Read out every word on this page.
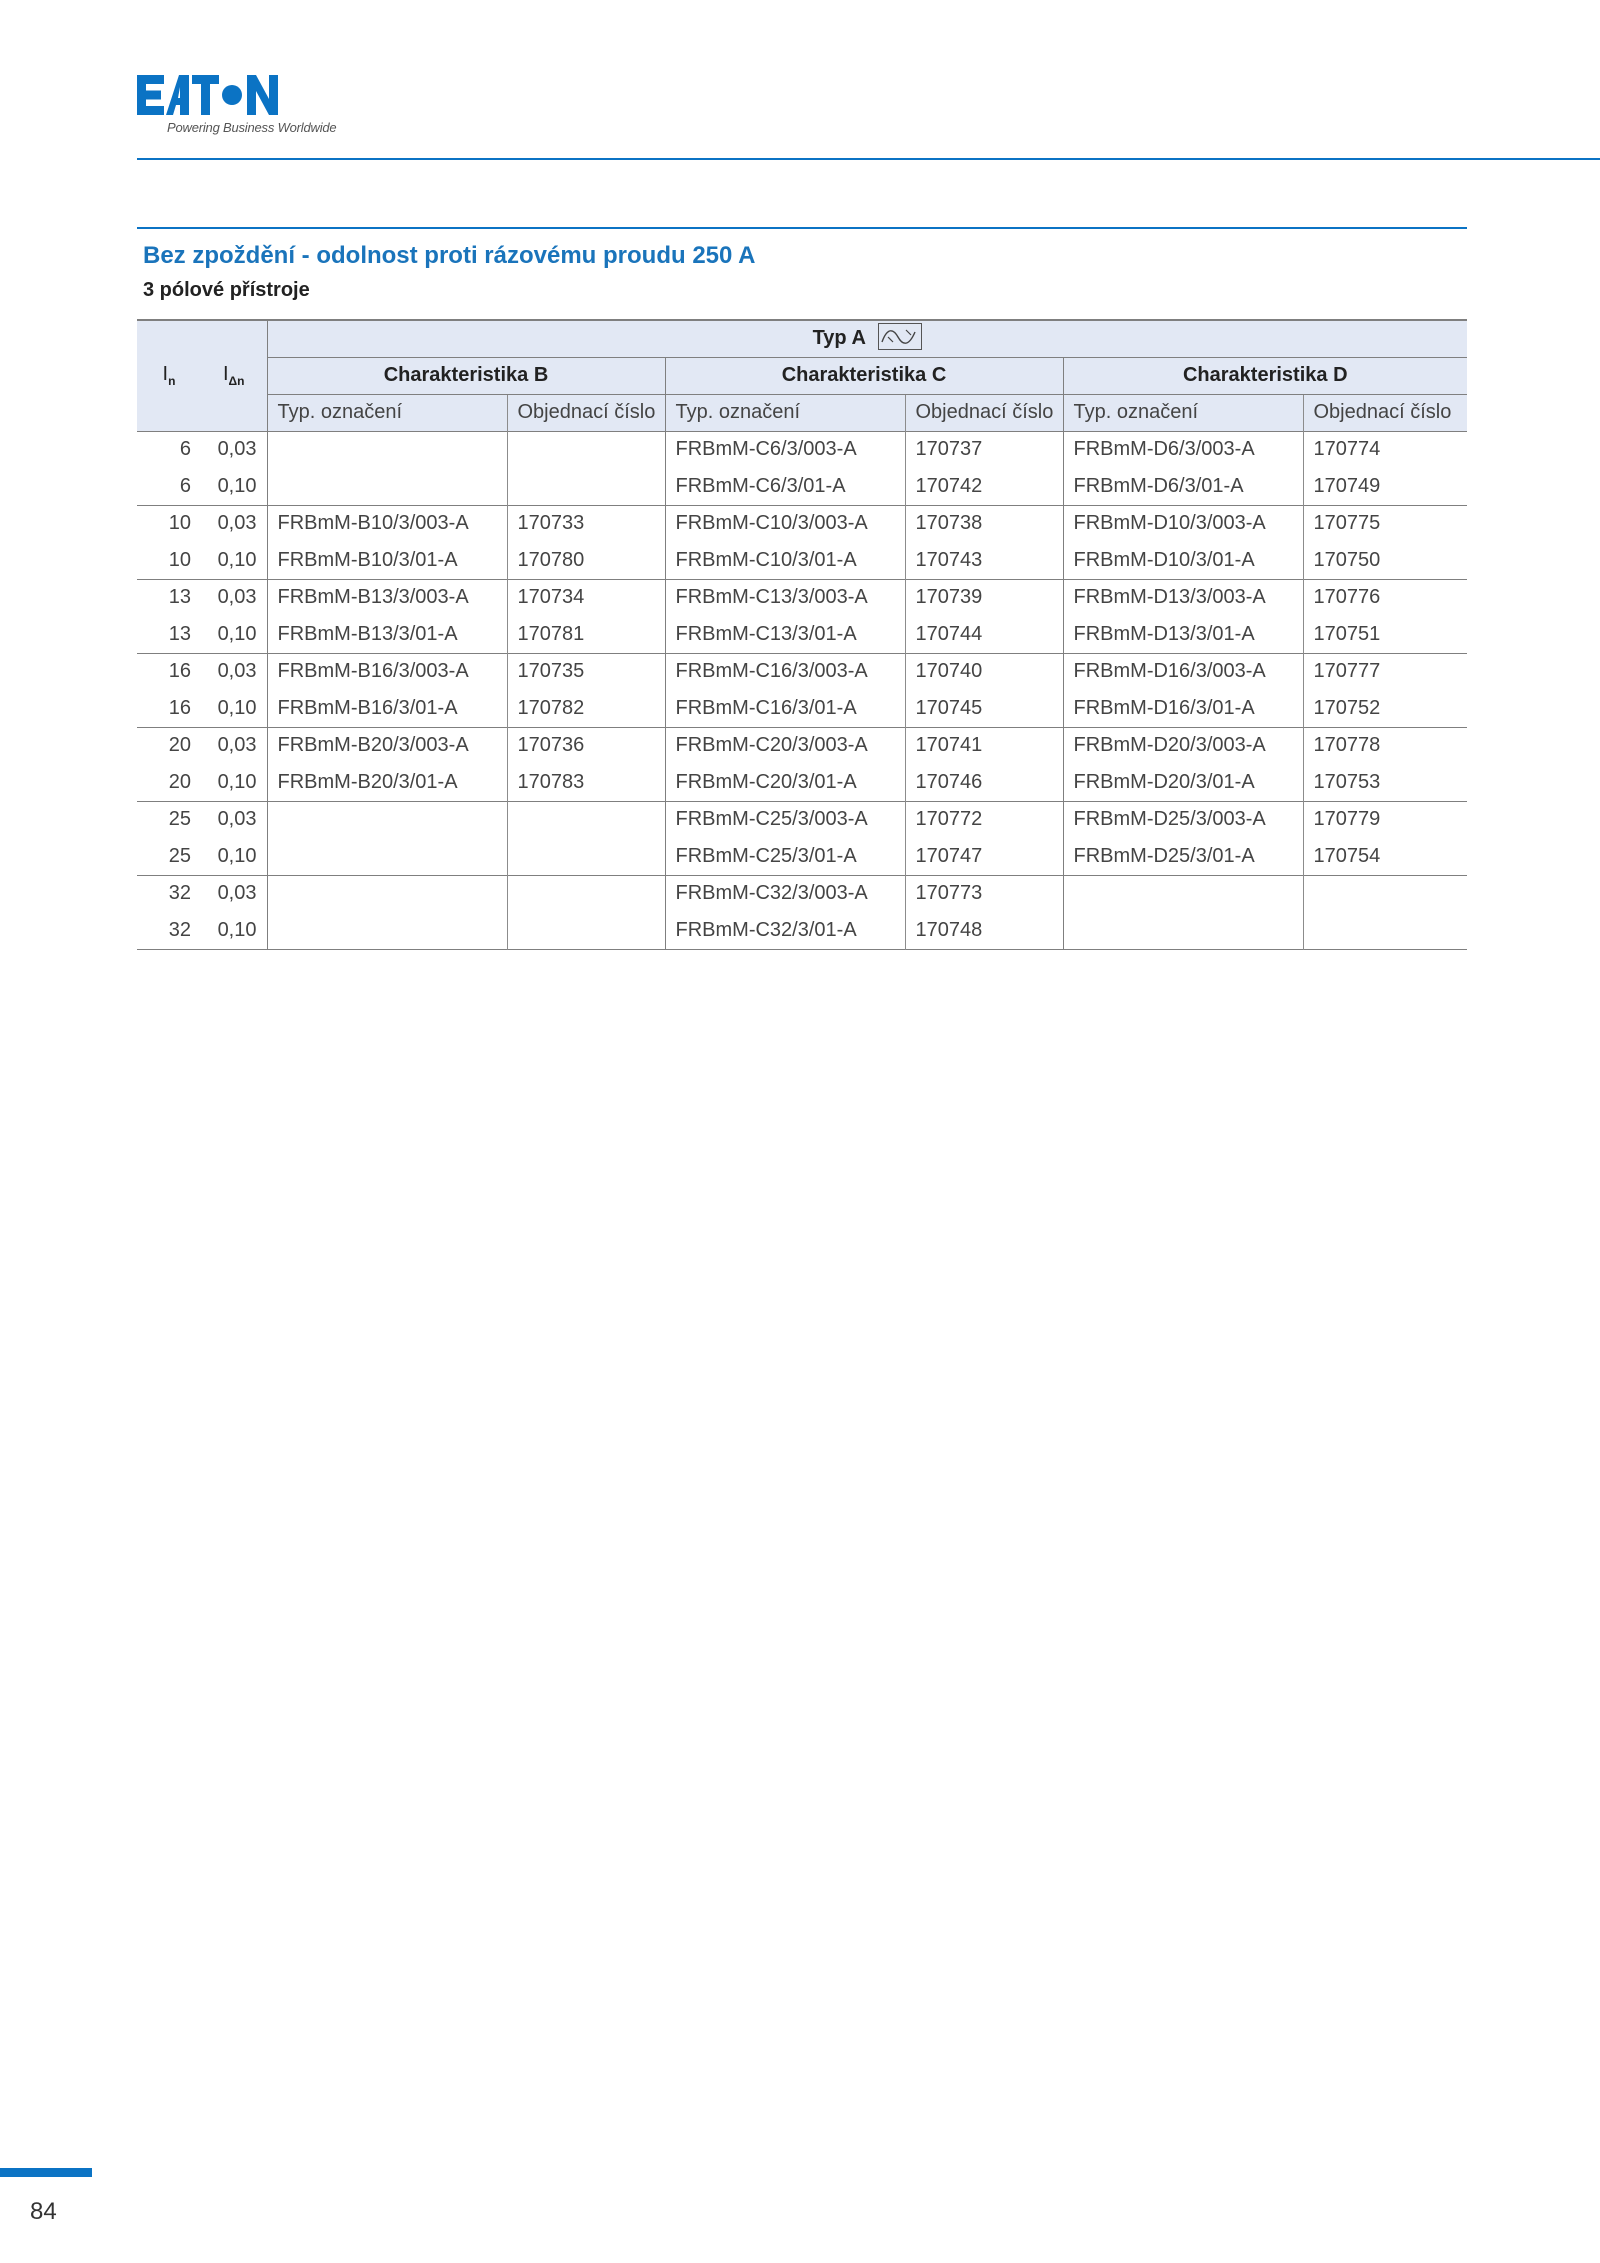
Powering Business Worldwide
Bez zpoždění - odolnost proti rázovému proudu 250 A
3 pólové přístroje
$I_n$	$I_{\Delta n}$	Typ A					

		Charakteristika B		Charakteristika C		Charakteristika D	
		Typ. označení	Objednací číslo	Typ. označení	Objednací číslo	Typ. označení	Objednací číslo
6	0,03			FRBmM-C6/3/003-A	170737	FRBmM-D6/3/003-A	170774
6	0,10			FRBmM-C6/3/01-A	170742	FRBmM-D6/3/01-A	170749
10	0,03	FRBmM-B10/3/003-A	170733	FRBmM-C10/3/003-A	170738	FRBmM-D10/3/003-A	170775
10	0,10	FRBmM-B10/3/01-A	170780	FRBmM-C10/3/01-A	170743	FRBmM-D10/3/01-A	170750
13	0,03	FRBmM-B13/3/003-A	170734	FRBmM-C13/3/003-A	170739	FRBmM-D13/3/003-A	170776
13	0,10	FRBmM-B13/3/01-A	170781	FRBmM-C13/3/01-A	170744	FRBmM-D13/3/01-A	170751
16	0,03	FRBmM-B16/3/003-A	170735	FRBmM-C16/3/003-A	170740	FRBmM-D16/3/003-A	170777
16	0,10	FRBmM-B16/3/01-A	170782	FRBmM-C16/3/01-A	170745	FRBmM-D16/3/01-A	170752
20	0,03	FRBmM-B20/3/003-A	170736	FRBmM-C20/3/003-A	170741	FRBmM-D20/3/003-A	170778
20	0,10	FRBmM-B20/3/01-A	170783	FRBmM-C20/3/01-A	170746	FRBmM-D20/3/01-A	170753
25	0,03			FRBmM-C25/3/003-A	170772	FRBmM-D25/3/003-A	170779
25	0,10			FRBmM-C25/3/01-A	170747	FRBmM-D25/3/01-A	170754
32	0,03			FRBmM-C32/3/003-A	170773		
32	0,10			FRBmM-C32/3/01-A	170748		
84
